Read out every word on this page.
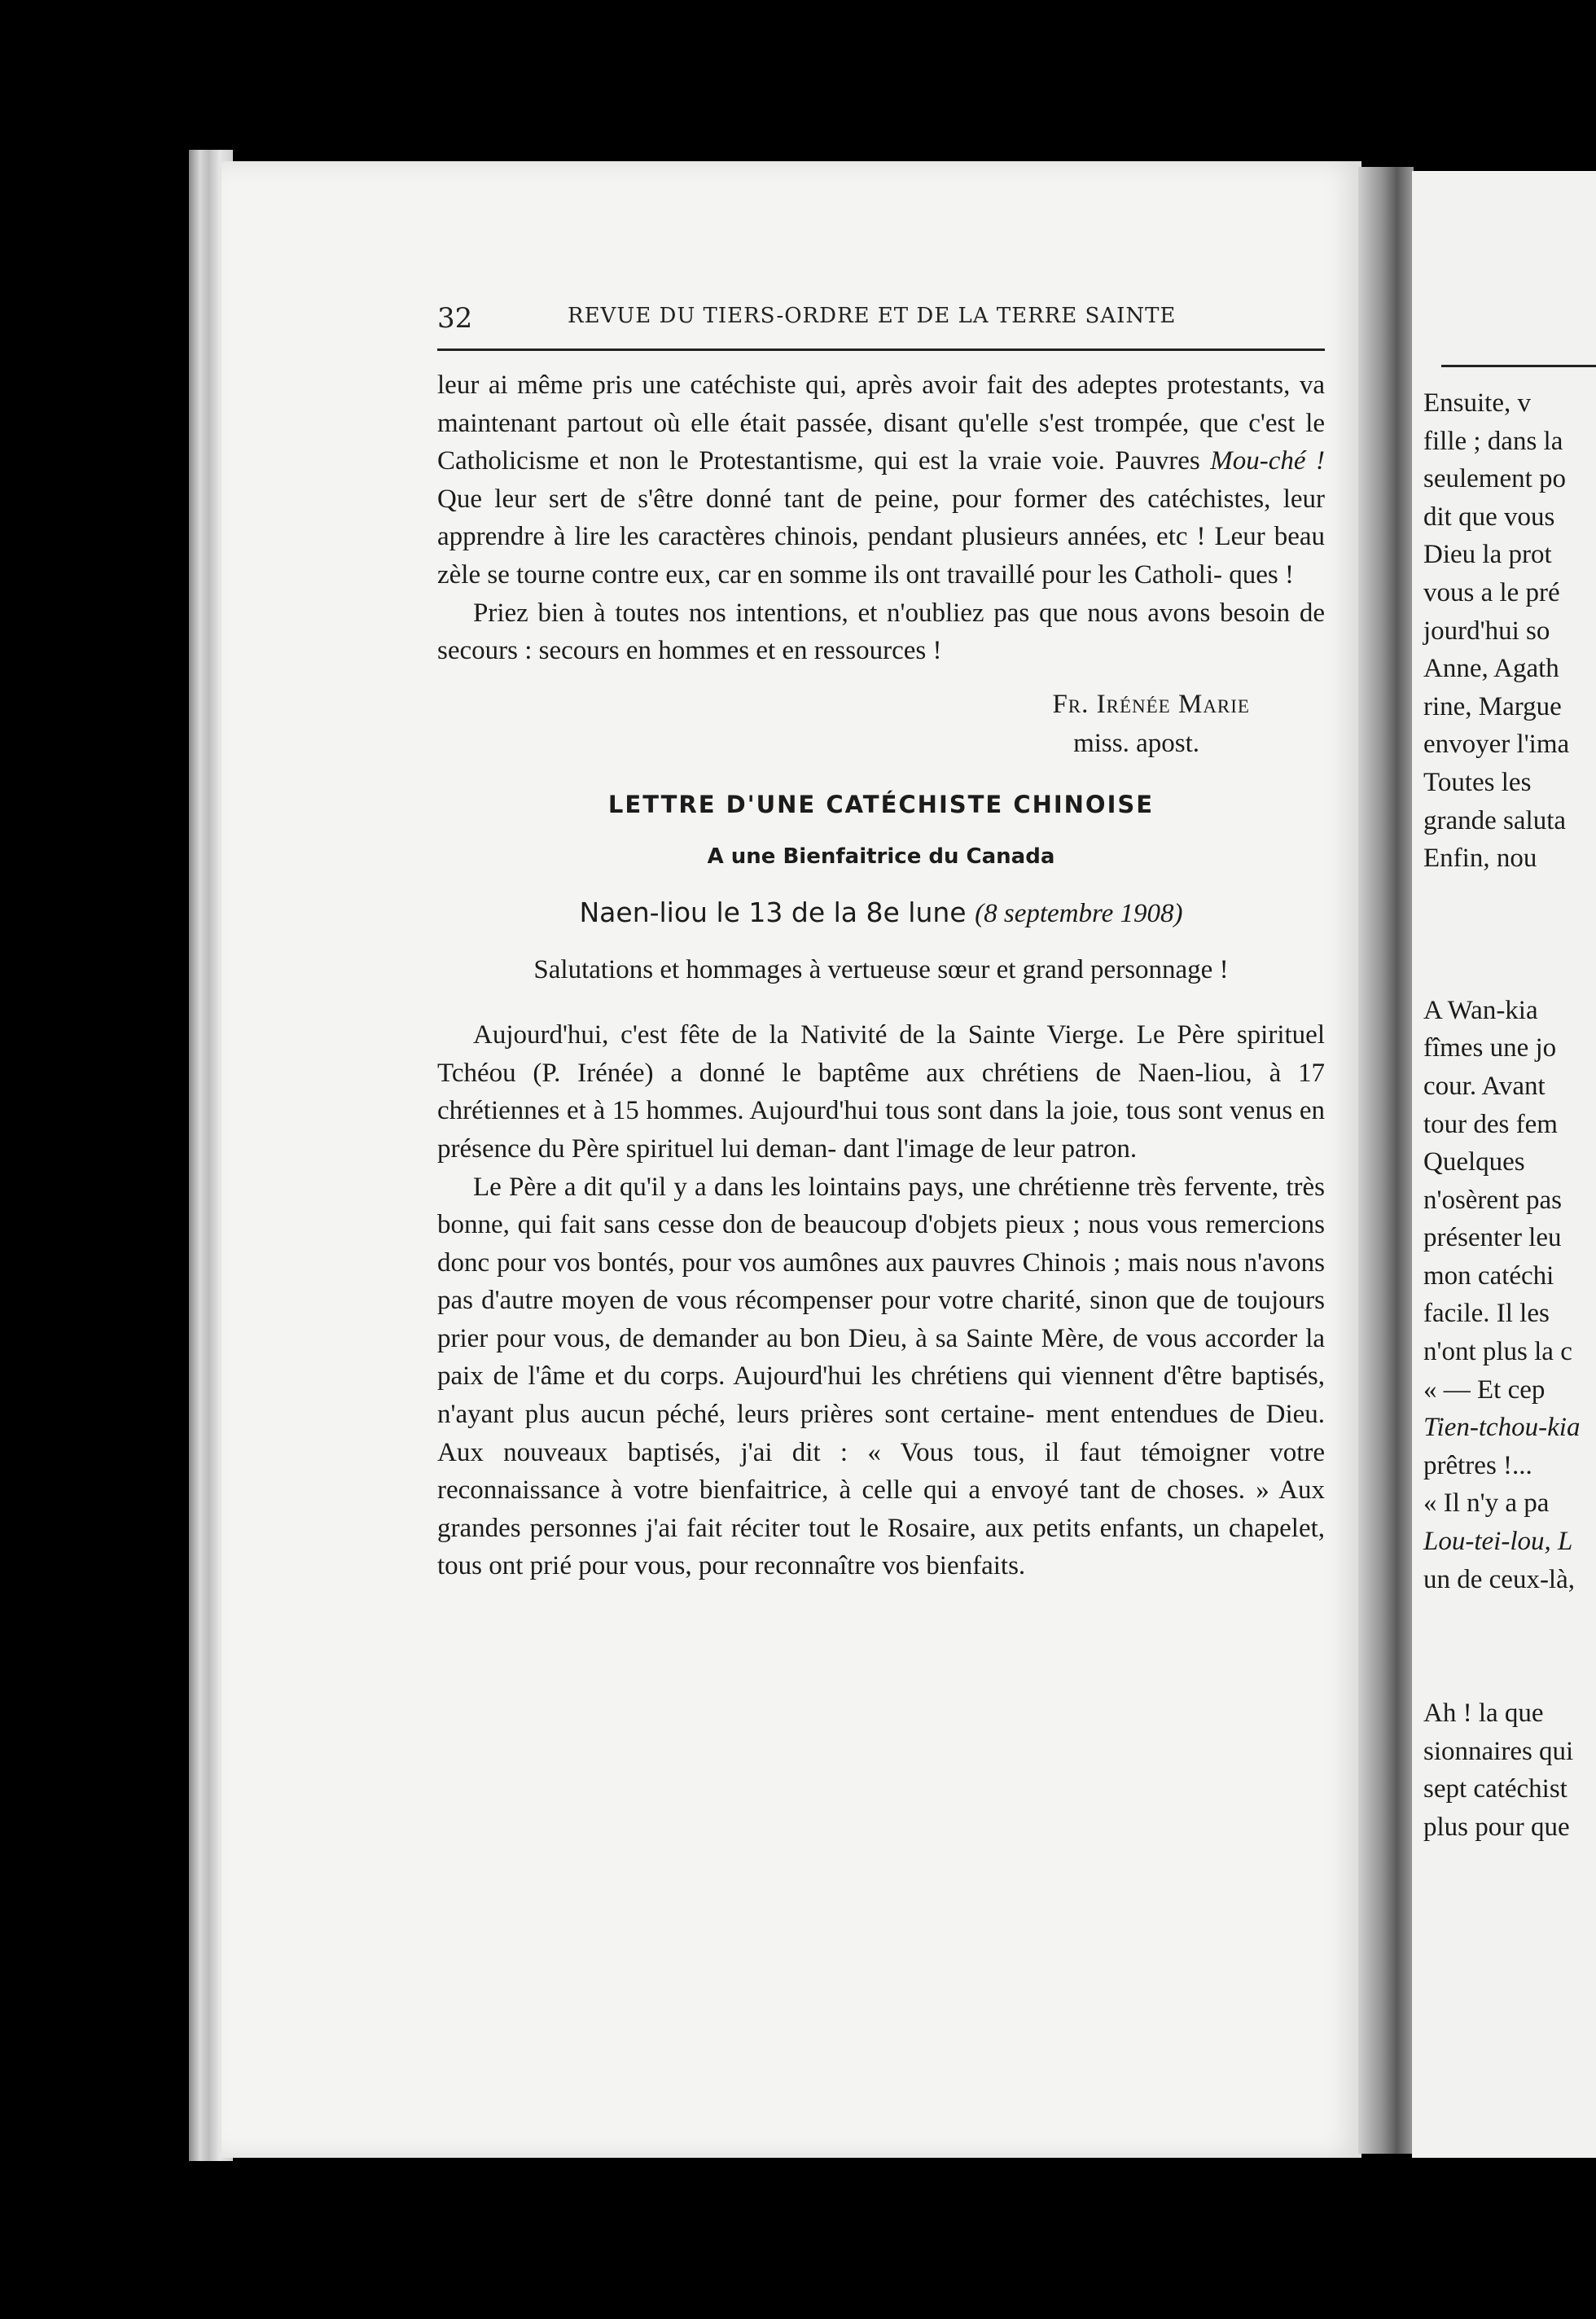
Ensuite, v

fille ; dans la

seulement po

dit que vous

Dieu la prot

vous a le pré

jourd'hui so

Anne, Agath

rine, Margue

envoyer l'ima

Toutes les

grande saluta

Enfin, nou

A Wan-kia

fîmes une jo

cour. Avant

tour des fem

Quelques

n'osèrent pas

présenter leu

mon catéchi

facile. Il les

n'ont plus la c

« — Et cep

Tien-tchou-kia

prêtres !...

« Il n'y a pa

Lou-tei-lou, L

un de ceux-là,

Ah ! la que

sionnaires qui

sept catéchist

plus pour que

32	REVUE DU TIERS-ORDRE ET DE LA TERRE SAINTE

leur ai même pris une catéchiste qui, après avoir fait des adeptes protestants, va maintenant partout où elle était passée, disant qu'elle s'est trompée, que c'est le Catholicisme et non le Protestantisme, qui est la vraie voie. Pauvres Mou-ché ! Que leur sert de s'être donné tant de peine, pour former des catéchistes, leur apprendre à lire les caractères chinois, pendant plusieurs années, etc ! Leur beau zèle se tourne contre eux, car en somme ils ont travaillé pour les Catholi- ques !

Priez bien à toutes nos intentions, et n'oubliez pas que nous avons besoin de secours : secours en hommes et en ressources !

Fr. Irénée Marie
miss. apost.

LETTRE D'UNE CATÉCHISTE CHINOISE

A une Bienfaitrice du Canada

Naen-liou le 13 de la 8e lune (8 septembre 1908)

Salutations et hommages à vertueuse sœur et grand personnage !

Aujourd'hui, c'est fête de la Nativité de la Sainte Vierge. Le Père spirituel Tchéou (P. Irénée) a donné le baptême aux chrétiens de Naen-liou, à 17 chrétiennes et à 15 hommes. Aujourd'hui tous sont dans la joie, tous sont venus en présence du Père spirituel lui deman- dant l'image de leur patron.

Le Père a dit qu'il y a dans les lointains pays, une chrétienne très fervente, très bonne, qui fait sans cesse don de beaucoup d'objets pieux ; nous vous remercions donc pour vos bontés, pour vos aumônes aux pauvres Chinois ; mais nous n'avons pas d'autre moyen de vous récompenser pour votre charité, sinon que de toujours prier pour vous, de demander au bon Dieu, à sa Sainte Mère, de vous accorder la paix de l'âme et du corps. Aujourd'hui les chrétiens qui viennent d'être baptisés, n'ayant plus aucun péché, leurs prières sont certaine- ment entendues de Dieu. Aux nouveaux baptisés, j'ai dit : « Vous tous, il faut témoigner votre reconnaissance à votre bienfaitrice, à celle qui a envoyé tant de choses. » Aux grandes personnes j'ai fait réciter tout le Rosaire, aux petits enfants, un chapelet, tous ont prié pour vous, pour reconnaître vos bienfaits.
